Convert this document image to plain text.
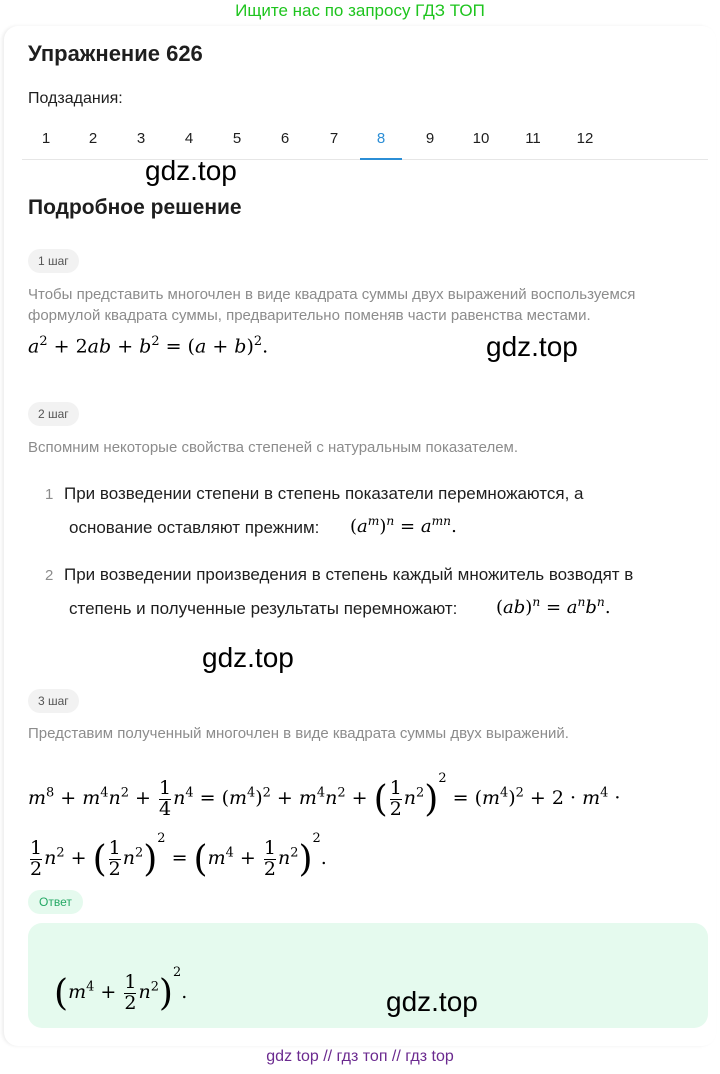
Ищите нас по запросу ГДЗ ТОП
Упражнение 626
Подзадания:
1	2	3	4	5	6	7	8	9	10	11	12
gdz.top
Подробное решение
1 шаг
Чтобы представить многочлен в виде квадрата суммы двух выражений воспользуемся формулой квадрата суммы, предварительно поменяв части равенства местами.
$a^2 + 2ab + b^2 = (a + b)^2$.	gdz.top
2 шаг
Вспомним некоторые свойства степеней с натуральным показателем.
1 При возведении степени в степень показатели перемножаются, а
основание оставляют прежним: $(a^m)^n = a^{mn}$.
2 При возведении произведения в степень каждый множитель возводят в
степень и полученные результаты перемножают: $(ab)^n = a^nb^n$.
gdz.top
3 шаг
Представим полученный многочлен в виде квадрата суммы двух выражений.
$m^8 + m^4n^2 + \frac{1}{4} n^4 = (m^4)^2 + m^4n^2$ + ( $\frac{1}{2} n^2)^2 = (m^4)^2 + 2 \cdot m^4$ ·
$\frac{1}{2} n^2$ + ( $\frac{1}{2} n^2)^2 = (m^4 + \frac{1}{2} n^2)^2$.
Ответ
$(m^4 + \frac{1}{2} n^2)^2$.	gdz.top
gdz top // гдз топ // гдз top
